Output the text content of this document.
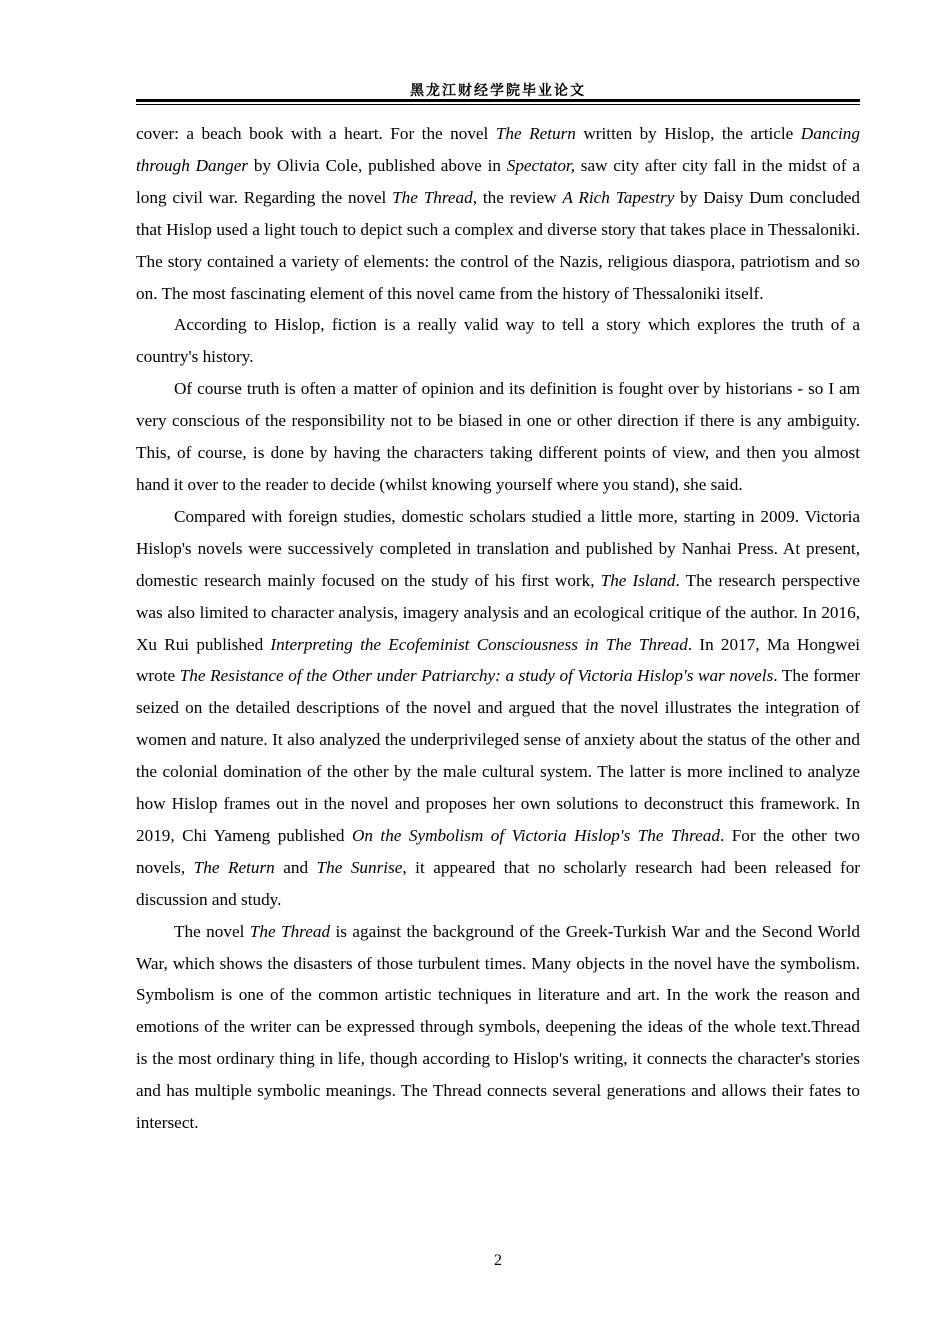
黑龙江财经学院毕业论文

cover: a beach book with a heart. For the novel The Return written by Hislop, the article Dancing through Danger by Olivia Cole, published above in Spectator, saw city after city fall in the midst of a long civil war. Regarding the novel The Thread, the review A Rich Tapestry by Daisy Dum concluded that Hislop used a light touch to depict such a complex and diverse story that takes place in Thessaloniki. The story contained a variety of elements: the control of the Nazis, religious diaspora, patriotism and so on. The most fascinating element of this novel came from the history of Thessaloniki itself.

According to Hislop, fiction is a really valid way to tell a story which explores the truth of a country's history.

Of course truth is often a matter of opinion and its definition is fought over by historians - so I am very conscious of the responsibility not to be biased in one or other direction if there is any ambiguity. This, of course, is done by having the characters taking different points of view, and then you almost hand it over to the reader to decide (whilst knowing yourself where you stand), she said.

Compared with foreign studies, domestic scholars studied a little more, starting in 2009. Victoria Hislop's novels were successively completed in translation and published by Nanhai Press. At present, domestic research mainly focused on the study of his first work, The Island. The research perspective was also limited to character analysis, imagery analysis and an ecological critique of the author. In 2016, Xu Rui published Interpreting the Ecofeminist Consciousness in The Thread. In 2017, Ma Hongwei wrote The Resistance of the Other under Patriarchy: a study of Victoria Hislop's war novels. The former seized on the detailed descriptions of the novel and argued that the novel illustrates the integration of women and nature. It also analyzed the underprivileged sense of anxiety about the status of the other and the colonial domination of the other by the male cultural system. The latter is more inclined to analyze how Hislop frames out in the novel and proposes her own solutions to deconstruct this framework. In 2019, Chi Yameng published On the Symbolism of Victoria Hislop's The Thread. For the other two novels, The Return and The Sunrise, it appeared that no scholarly research had been released for discussion and study.

The novel The Thread is against the background of the Greek-Turkish War and the Second World War, which shows the disasters of those turbulent times. Many objects in the novel have the symbolism. Symbolism is one of the common artistic techniques in literature and art. In the work the reason and emotions of the writer can be expressed through symbols, deepening the ideas of the whole text.Thread is the most ordinary thing in life, though according to Hislop's writing, it connects the character's stories and has multiple symbolic meanings. The Thread connects several generations and allows their fates to intersect.

2
